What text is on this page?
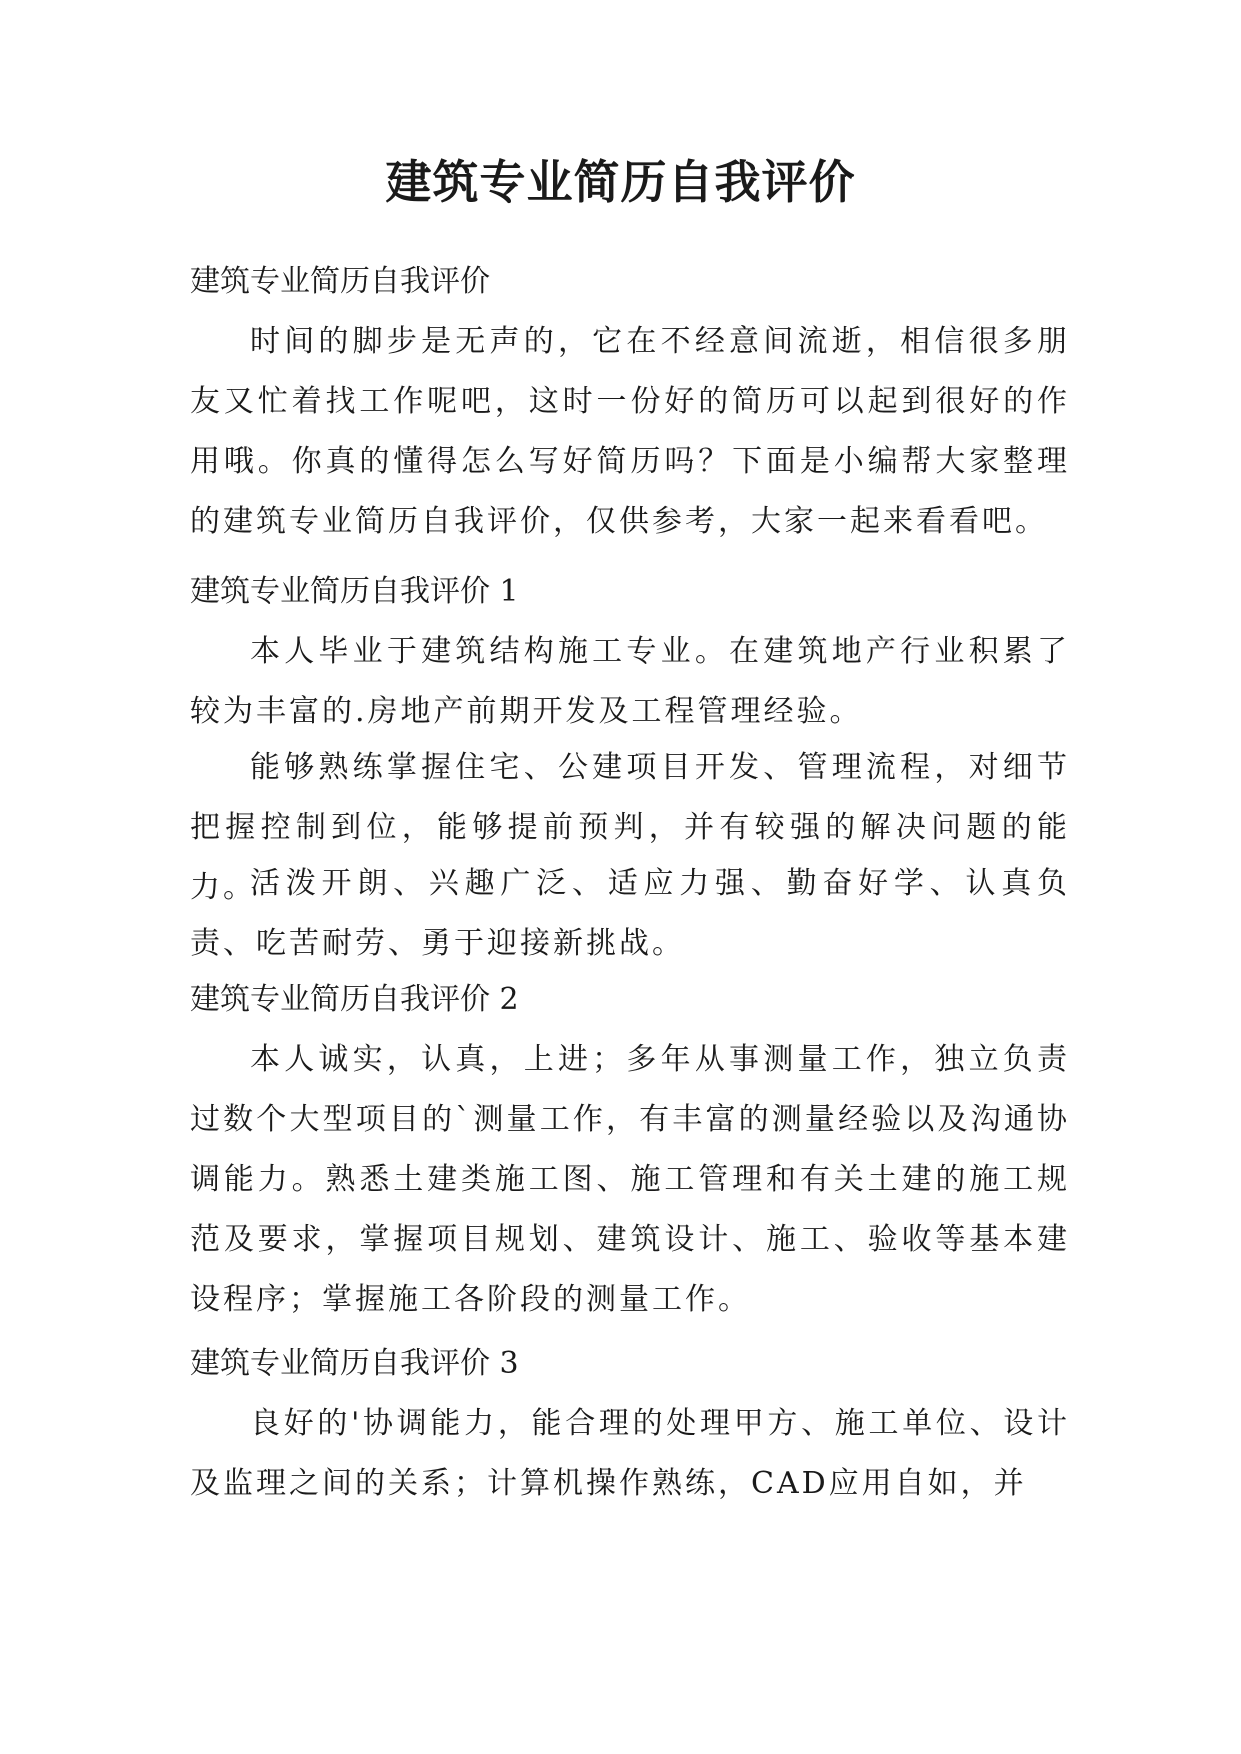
建筑专业简历自我评价
建筑专业简历自我评价
时间的脚步是无声的，它在不经意间流逝，相信很多朋友又忙着找工作呢吧，这时一份好的简历可以起到很好的作用哦。你真的懂得怎么写好简历吗？下面是小编帮大家整理的建筑专业简历自我评价，仅供参考，大家一起来看看吧。
建筑专业简历自我评价 1
本人毕业于建筑结构施工专业。在建筑地产行业积累了较为丰富的.房地产前期开发及工程管理经验。
能够熟练掌握住宅、公建项目开发、管理流程，对细节把握控制到位，能够提前预判，并有较强的解决问题的能力。
活泼开朗、兴趣广泛、适应力强、勤奋好学、认真负责、吃苦耐劳、勇于迎接新挑战。
建筑专业简历自我评价 2
本人诚实，认真，上进；多年从事测量工作，独立负责过数个大型项目的`测量工作，有丰富的测量经验以及沟通协调能力。熟悉土建类施工图、施工管理和有关土建的施工规范及要求，掌握项目规划、建筑设计、施工、验收等基本建设程序；掌握施工各阶段的测量工作。
建筑专业简历自我评价 3
良好的'协调能力，能合理的处理甲方、施工单位、设计及监理之间的关系；计算机操作熟练，CAD应用自如，并
